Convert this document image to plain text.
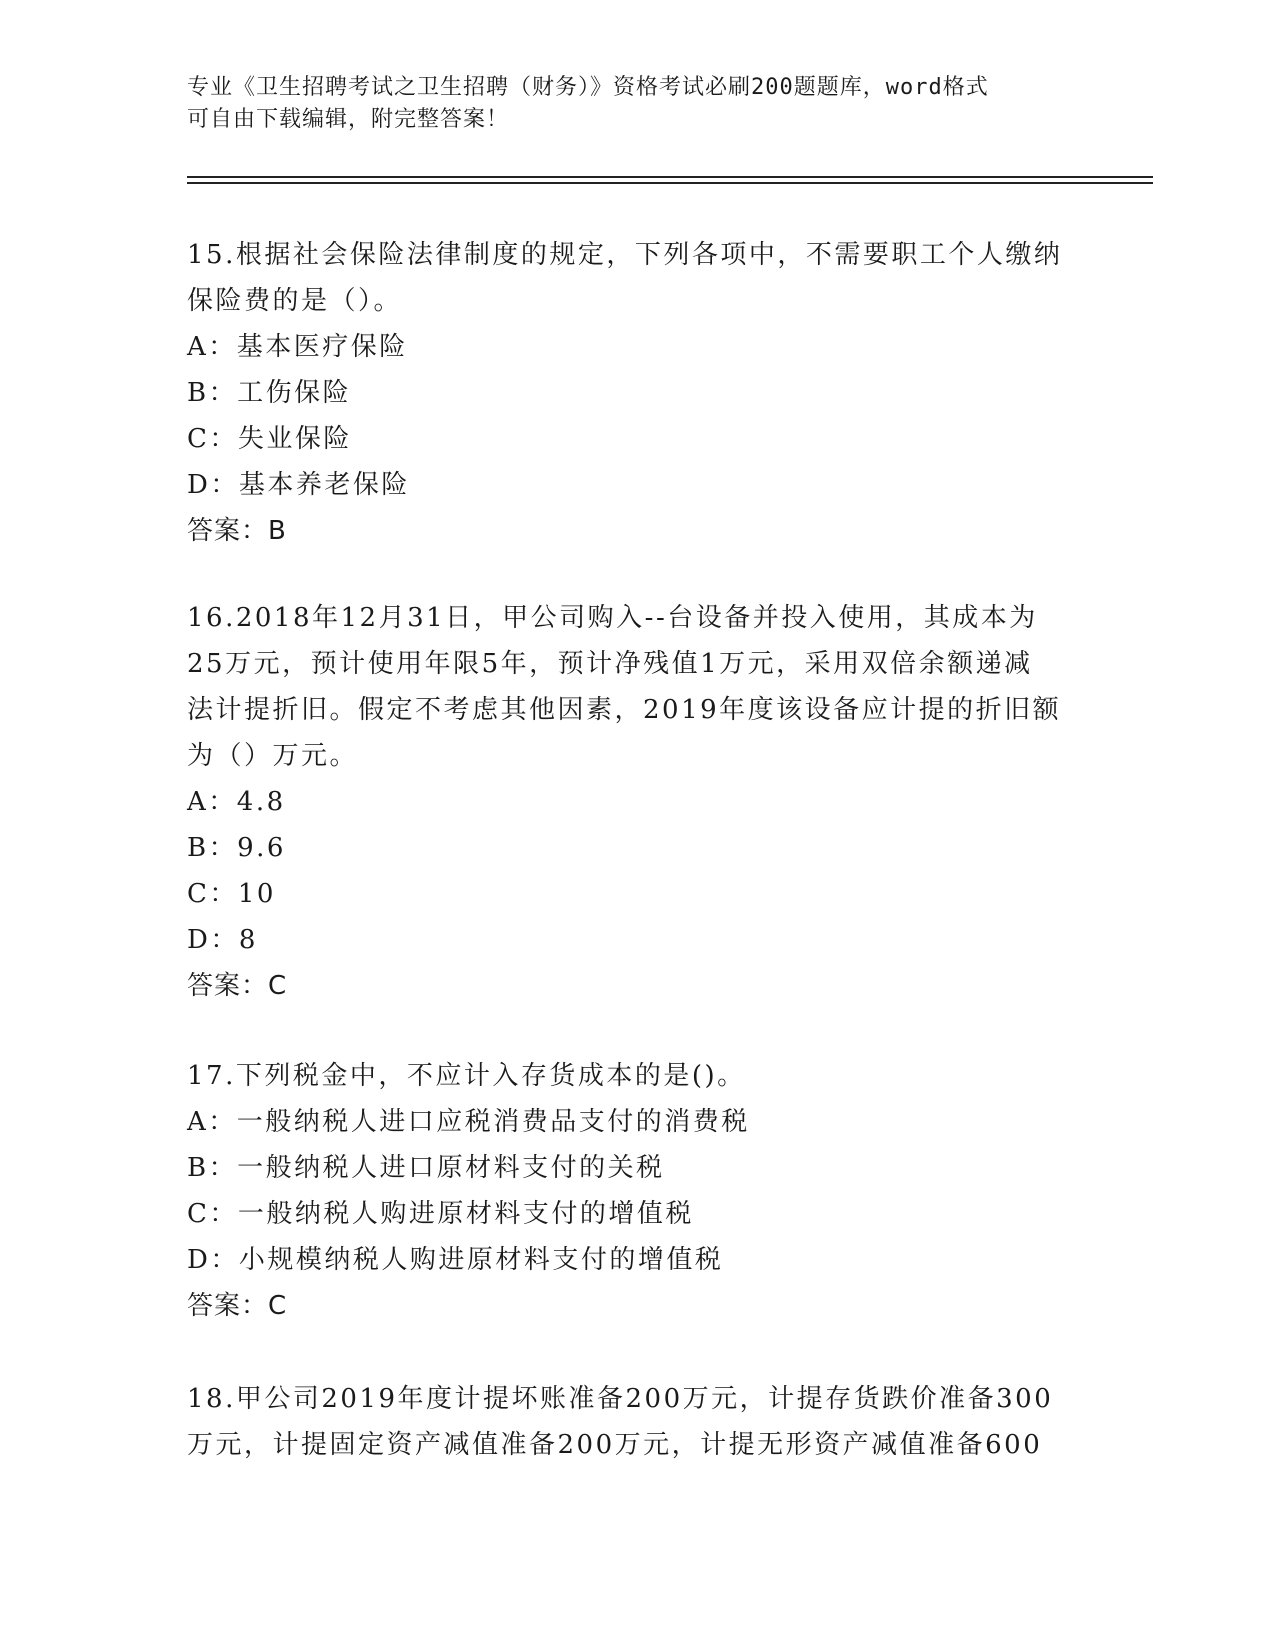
专业《卫生招聘考试之卫生招聘（财务）》资格考试必刷200题题库，word格式
可自由下载编辑，附完整答案！
15.根据社会保险法律制度的规定，下列各项中，不需要职工个人缴纳
保险费的是（）。
A：基本医疗保险
B：工伤保险
C：失业保险
D：基本养老保险
答案：B
16.2018年12月31日，甲公司购入--台设备并投入使用，其成本为
25万元，预计使用年限5年，预计净残值1万元，采用双倍余额递减
法计提折旧。假定不考虑其他因素，2019年度该设备应计提的折旧额
为（）万元。
A：4.8
B：9.6
C：10
D：8
答案：C
17.下列税金中，不应计入存货成本的是()。
A：一般纳税人进口应税消费品支付的消费税
B：一般纳税人进口原材料支付的关税
C：一般纳税人购进原材料支付的增值税
D：小规模纳税人购进原材料支付的增值税
答案：C
18.甲公司2019年度计提坏账准备200万元，计提存货跌价准备300
万元，计提固定资产减值准备200万元，计提无形资产减值准备600
